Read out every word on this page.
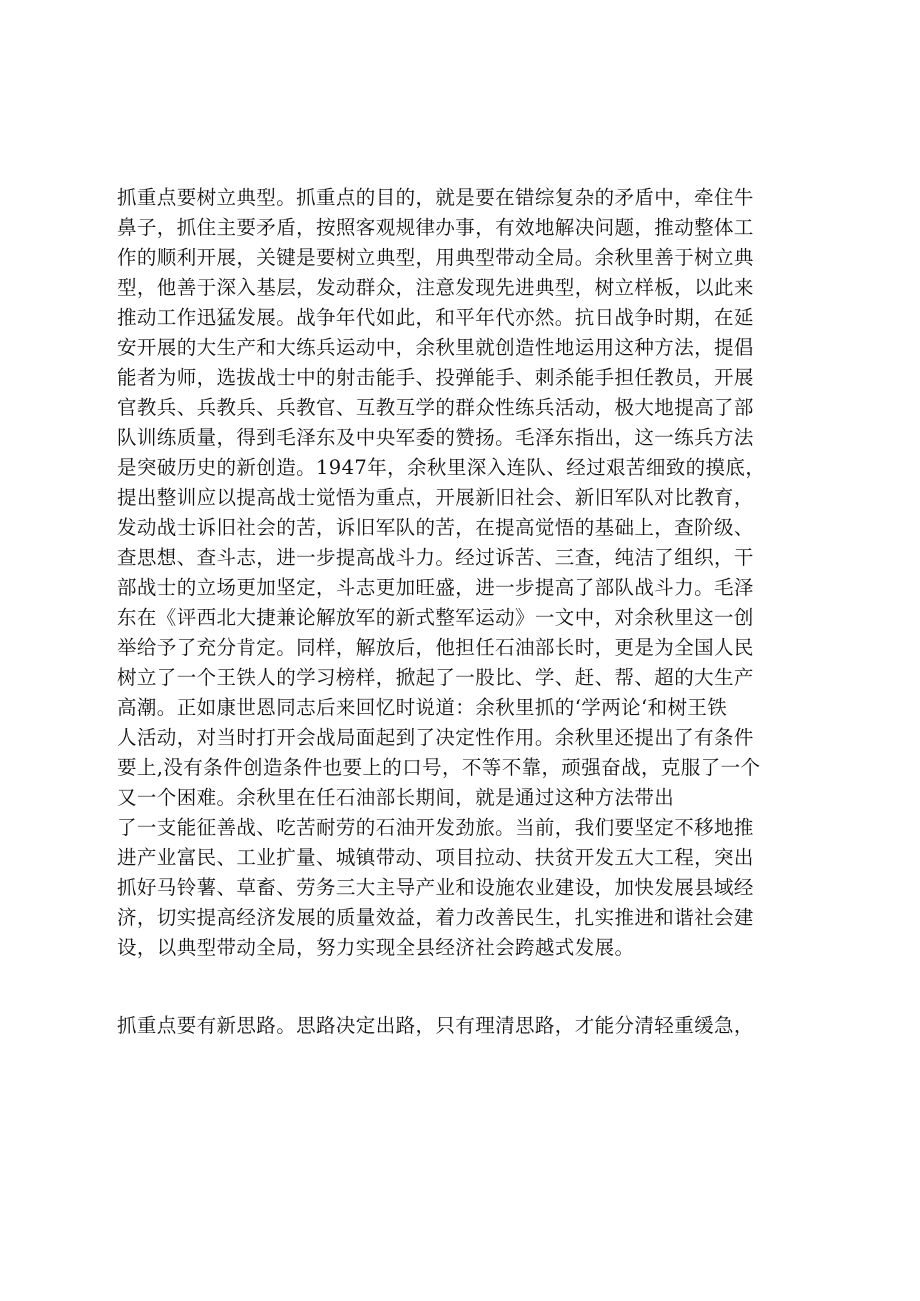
抓重点要树立典型。抓重点的目的，就是要在错综复杂的矛盾中，牵住牛
鼻子，抓住主要矛盾，按照客观规律办事，有效地解决问题，推动整体工
作的顺利开展，关键是要树立典型，用典型带动全局。余秋里善于树立典
型，他善于深入基层，发动群众，注意发现先进典型，树立样板，以此来
推动工作迅猛发展。战争年代如此，和平年代亦然。抗日战争时期，在延
安开展的大生产和大练兵运动中，余秋里就创造性地运用这种方法，提倡
能者为师，选拔战士中的射击能手、投弹能手、刺杀能手担任教员，开展
官教兵、兵教兵、兵教官、互教互学的群众性练兵活动，极大地提高了部
队训练质量，得到毛泽东及中央军委的赞扬。毛泽东指出，这一练兵方法
是突破历史的新创造。1947年，余秋里深入连队、经过艰苦细致的摸底，
提出整训应以提高战士觉悟为重点，开展新旧社会、新旧军队对比教育，
发动战士诉旧社会的苦，诉旧军队的苦，在提高觉悟的基础上，查阶级、
查思想、查斗志，进一步提高战斗力。经过诉苦、三查，纯洁了组织，干
部战士的立场更加坚定，斗志更加旺盛，进一步提高了部队战斗力。毛泽
东在《评西北大捷兼论解放军的新式整军运动》一文中，对余秋里这一创
举给予了充分肯定。同样，解放后，他担任石油部长时，更是为全国人民
树立了一个王铁人的学习榜样，掀起了一股比、学、赶、帮、超的大生产
高潮。正如康世恩同志后来回忆时说道：余秋里抓的‘学两论‘和树王铁
人活动，对当时打开会战局面起到了决定性作用。余秋里还提出了有条件
要上,没有条件创造条件也要上的口号，不等不靠，顽强奋战，克服了一个
又一个困难。余秋里在任石油部长期间，就是通过这种方法带出
了一支能征善战、吃苦耐劳的石油开发劲旅。当前，我们要坚定不移地推
进产业富民、工业扩量、城镇带动、项目拉动、扶贫开发五大工程，突出
抓好马铃薯、草畜、劳务三大主导产业和设施农业建设，加快发展县域经
济，切实提高经济发展的质量效益，着力改善民生，扎实推进和谐社会建
设，以典型带动全局，努力实现全县经济社会跨越式发展。
抓重点要有新思路。思路决定出路，只有理清思路，才能分清轻重缓急，
